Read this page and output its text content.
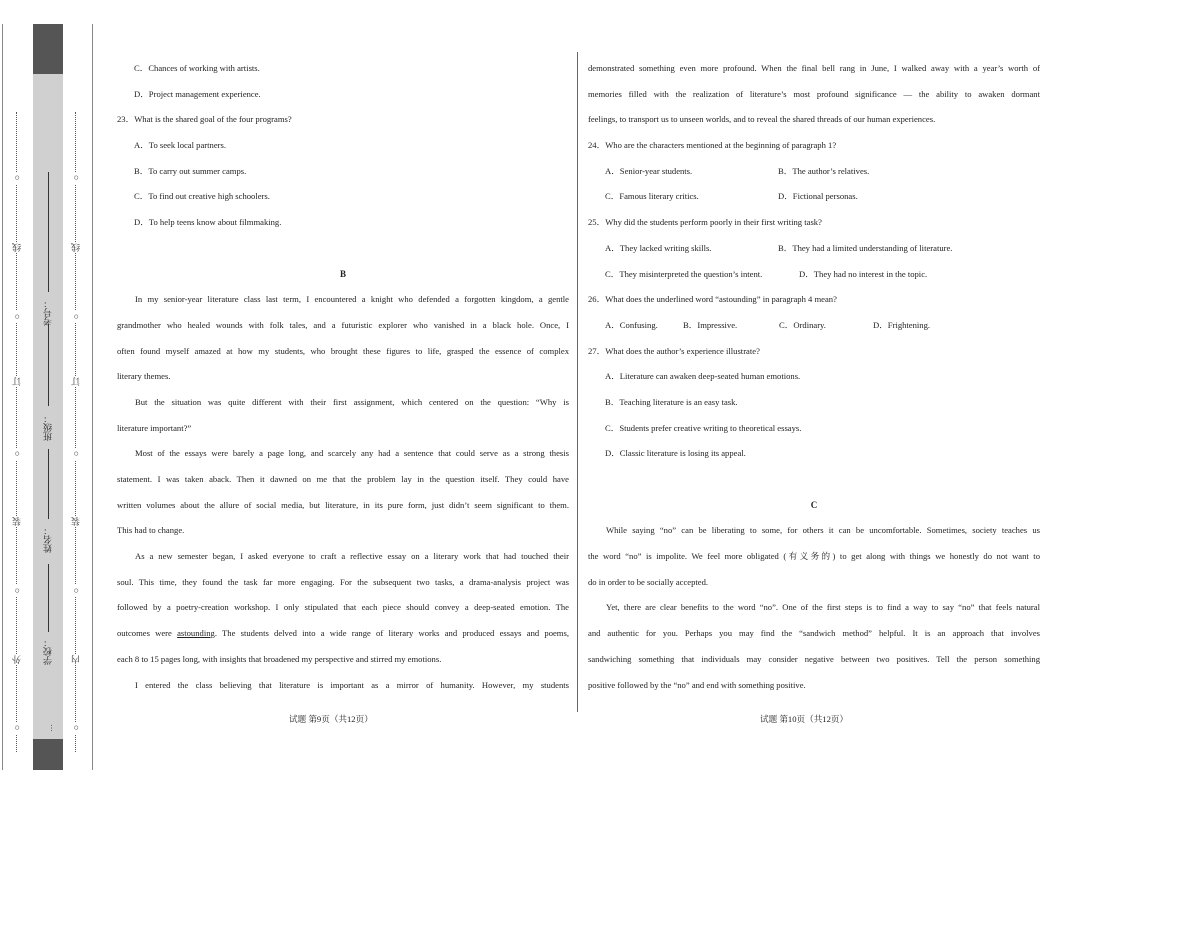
○
线
○
订
○
装
○
外
○
○
线
○
订
○
装
○
内
○
考号：
班级：
姓名：
学校：
…
C．Chances of working with artists.
D．Project management experience.
23．What is the shared goal of the four programs?
A．To seek local partners.
B．To carry out summer camps.
C．To find out creative high schoolers.
D．To help teens know about filmmaking.
B
In my senior-year literature class last term, I encountered a knight who defended a forgotten kingdom, a gentle
grandmother who healed wounds with folk tales, and a futuristic explorer who vanished in a black hole. Once, I
often found myself amazed at how my students, who brought these figures to life, grasped the essence of complex
literary themes.
But the situation was quite different with their first assignment, which centered on the question: “Why is
literature important?”
Most of the essays were barely a page long, and scarcely any had a sentence that could serve as a strong thesis
statement. I was taken aback. Then it dawned on me that the problem lay in the question itself. They could have
written volumes about the allure of social media, but literature, in its pure form, just didn’t seem significant to them.
This had to change.
As a new semester began, I asked everyone to craft a reflective essay on a literary work that had touched their
soul. This time, they found the task far more engaging. For the subsequent two tasks, a drama-analysis project was
followed by a poetry-creation workshop. I only stipulated that each piece should convey a deep-seated emotion. The
outcomes were astounding. The students delved into a wide range of literary works and produced essays and poems,
each 8 to 15 pages long, with insights that broadened my perspective and stirred my emotions.
I entered the class believing that literature is important as a mirror of humanity. However, my students
demonstrated something even more profound. When the final bell rang in June, I walked away with a year’s worth of
memories filled with the realization of literature’s most profound significance — the ability to awaken dormant
feelings, to transport us to unseen worlds, and to reveal the shared threads of our human experiences.
24．Who are the characters mentioned at the beginning of paragraph 1?
A．Senior-year students.	B．The author’s relatives.
C．Famous literary critics.	D．Fictional personas.
25．Why did the students perform poorly in their first writing task?
A．They lacked writing skills.	B．They had a limited understanding of literature.
C．They misinterpreted the question’s intent.	D．They had no interest in the topic.
26．What does the underlined word “astounding” in paragraph 4 mean?
A．Confusing.	B．Impressive.	C．Ordinary.	D．Frightening.
27．What does the author’s experience illustrate?
A．Literature can awaken deep-seated human emotions.
B．Teaching literature is an easy task.
C．Students prefer creative writing to theoretical essays.
D．Classic literature is losing its appeal.
C
While saying “no” can be liberating to some, for others it can be uncomfortable. Sometimes, society teaches us
the word “no” is impolite. We feel more obligated (有义务的) to get along with things we honestly do not want to
do in order to be socially accepted.
Yet, there are clear benefits to the word “no”. One of the first steps is to find a way to say “no” that feels natural
and authentic for you. Perhaps you may find the “sandwich method” helpful. It is an approach that involves
sandwiching something that individuals may consider negative between two positives. Tell the person something
positive followed by the “no” and end with something positive.
试题 第9页（共12页）	试题 第10页（共12页）
